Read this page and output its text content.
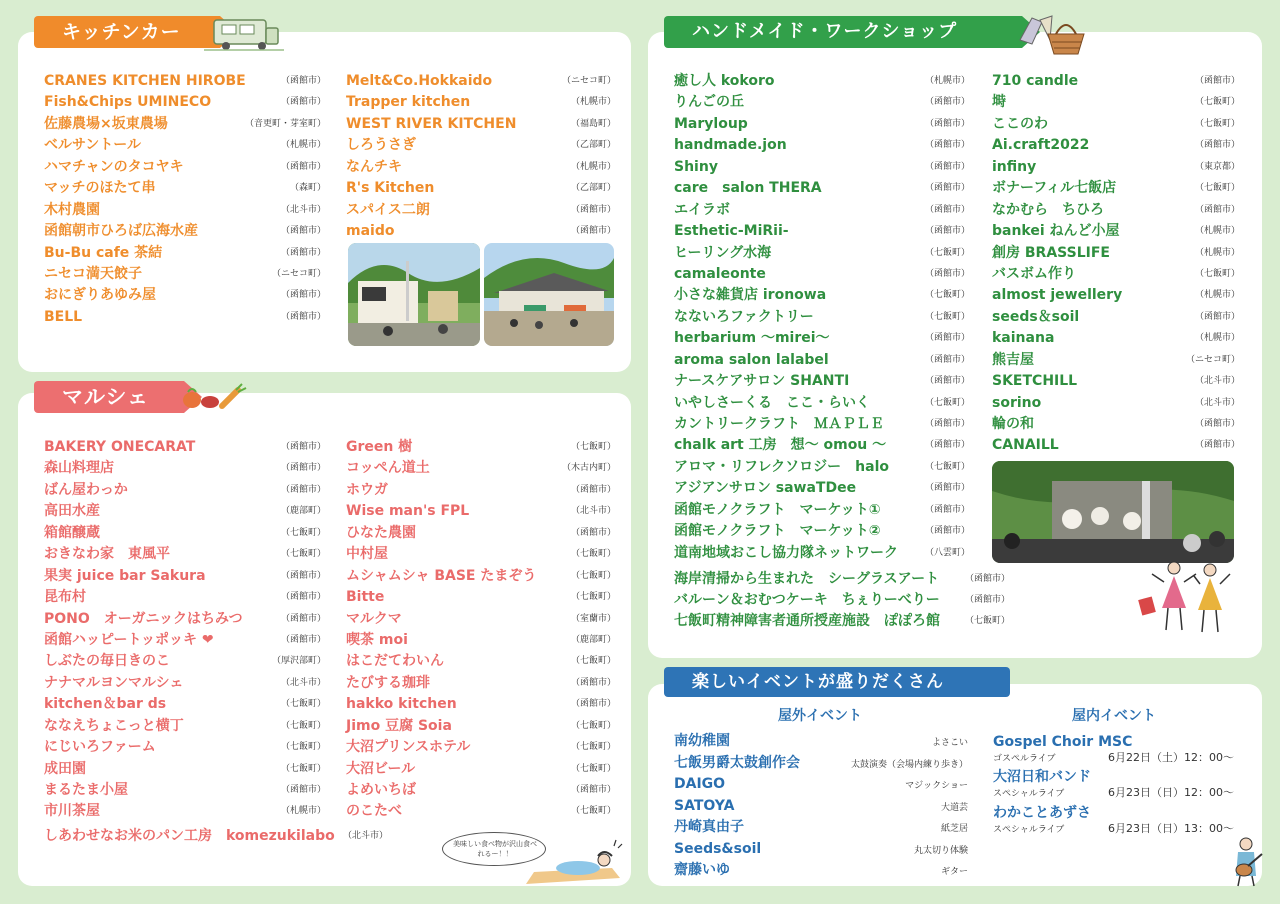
キッチンカー
CRANES KITCHEN HIROBE	（函館市）
Fish&Chips UMINECO	（函館市）
佐藤農場×坂東農場	（音更町・芽室町）
ベルサントール	（札幌市）
ハマチャンのタコヤキ	（函館市）
マッチのほたて串	（森町）
木村農園	（北斗市）
函館朝市ひろば広海水産	（函館市）
Bu-Bu cafe 茶結	（函館市）
ニセコ満天餃子	（ニセコ町）
おにぎりあゆみ屋	（函館市）
BELL	（函館市）
Melt&Co.Hokkaido	（ニセコ町）
Trapper kitchen	（札幌市）
WEST RIVER KITCHEN	（福島町）
しろうさぎ	（乙部町）
なんチキ	（札幌市）
R's Kitchen	（乙部町）
スパイス二朗	（函館市）
maido	（函館市）
マルシェ
BAKERY ONECARAT	（函館市）
森山料理店	（函館市）
ばん屋わっか	（函館市）
高田水産	（鹿部町）
箱館醸蔵	（七飯町）
おきなわ家　東風平	（七飯町）
果実 juice bar Sakura	（函館市）
昆布村	（函館市）
PONO　オーガニックはちみつ	（函館市）
函館ハッピートッポッキ ❤	（函館市）
しぶたの毎日きのこ	（厚沢部町）
ナナマルヨンマルシェ	（北斗市）
kitchen＆bar ds	（七飯町）
ななえちょこっと横丁	（七飯町）
にじいろファーム	（七飯町）
成田園	（七飯町）
まるたま小屋	（函館市）
市川茶屋	（札幌市）
Green 樹	（七飯町）
コッペん道土	（木古内町）
ホウガ	（函館市）
Wise man's FPL	（北斗市）
ひなた農園	（函館市）
中村屋	（七飯町）
ムシャムシャ BASE たまぞう	（七飯町）
Bitte	（七飯町）
マルクマ	（室蘭市）
喫茶 moi	（鹿部町）
はこだてわいん	（七飯町）
たびする珈琲	（函館市）
hakko kitchen	（函館市）
Jimo 豆腐 Soia	（七飯町）
大沼プリンスホテル	（七飯町）
大沼ビール	（七飯町）
よめいちば	（函館市）
のこたべ	（七飯町）
しあわせなお米のパン工房　komezukilabo （北斗市）
美味しい食べ物が沢山食べれるー！！
ハンドメイド・ワークショップ
癒し人 kokoro	（札幌市）
りんごの丘	（函館市）
Maryloup	（函館市）
handmade.jon	（函館市）
Shiny	（函館市）
care　salon THERA	（函館市）
エイラボ	（函館市）
Esthetic-MiRii-	（函館市）
ヒーリング水海	（七飯町）
camaleonte	（函館市）
小さな雑貨店 ironowa	（七飯町）
なないろファクトリー	（七飯町）
herbarium 〜mirei〜	（函館市）
aroma salon lalabel	（函館市）
ナースケアサロン SHANTI	（函館市）
いやしさーくる　ここ・らいく	（七飯町）
カントリークラフト　ＭＡＰＬＥ	（函館市）
chalk art 工房　想〜 omou 〜	（函館市）
アロマ・リフレクソロジー　halo	（七飯町）
アジアンサロン sawaTDee	（函館市）
函館モノクラフト　マーケット①	（函館市）
函館モノクラフト　マーケット②	（函館市）
道南地域おこし協力隊ネットワーク	（八雲町）
海岸清掃から生まれた　シーグラスアート	（函館市）
バルーン＆おむつケーキ　ちぇりーべりー	（函館市）
七飯町精神障害者通所授産施設　ぽぽろ館	（七飯町）
710 candle	（函館市）
塒	（七飯町）
ここのわ	（七飯町）
Ai.craft2022	（函館市）
infiny	（東京都）
ボナーフィル七飯店	（七飯町）
なかむら　ちひろ	（函館市）
bankei ねんど小屋	（札幌市）
創房 BRASSLIFE	（札幌市）
バスボム作り	（七飯町）
almost jewellery	（札幌市）
seeds＆soil	（函館市）
kainana	（札幌市）
熊吉屋	（ニセコ町）
SKETCHILL	（北斗市）
sorino	（北斗市）
輪の和	（函館市）
CANAILL	（函館市）
楽しいイベントが盛りだくさん
屋外イベント	屋内イベント
南幼稚園	よさこい
七飯男爵太鼓創作会	太鼓演奏（会場内練り歩き）
DAIGO	マジックショー
SATOYA	大道芸
丹崎真由子	紙芝居
Seeds&soil	丸太切り体験
齋藤いゆ	ギター
Gospel Choir MSC
ゴスペルライブ	6月22日（土）12：00〜
大沼日和バンド
スペシャルライブ	6月23日（日）12：00〜
わかことあずさ
スペシャルライブ	6月23日（日）13：00〜
